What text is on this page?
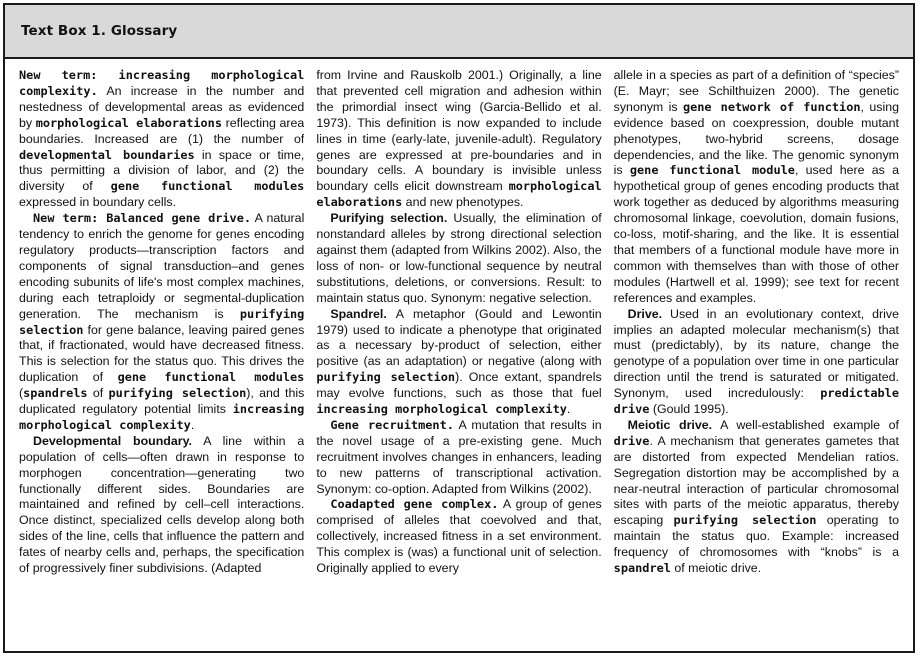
Text Box 1. Glossary

New term: increasing morphological complexity. An increase in the number and nestedness of developmental areas as evidenced by morphological elaborations reflecting area boundaries. Increased are (1) the number of developmental boundaries in space or time, thus permitting a division of labor, and (2) the diversity of gene functional modules expressed in boundary cells.

New term: Balanced gene drive. A natural tendency to enrich the genome for genes encoding regulatory products—transcription factors and components of signal transduction–and genes encoding subunits of life's most complex machines, during each tetraploidy or segmental-duplication generation. The mechanism is purifying selection for gene balance, leaving paired genes that, if fractionated, would have decreased fitness. This is selection for the status quo. This drives the duplication of gene functional modules (spandrels of purifying selection), and this duplicated regulatory potential limits increasing morphological complexity.

Developmental boundary. A line within a population of cells—often drawn in response to morphogen concentration—generating two functionally different sides. Boundaries are maintained and refined by cell–cell interactions. Once distinct, specialized cells develop along both sides of the line, cells that influence the pattern and fates of nearby cells and, perhaps, the specification of progressively finer subdivisions. (Adapted

from Irvine and Rauskolb 2001.) Originally, a line that prevented cell migration and adhesion within the primordial insect wing (Garcia-Bellido et al. 1973). This definition is now expanded to include lines in time (early-late, juvenile-adult). Regulatory genes are expressed at pre-boundaries and in boundary cells. A boundary is invisible unless boundary cells elicit downstream morphological elaborations and new phenotypes.

Purifying selection. Usually, the elimination of nonstandard alleles by strong directional selection against them (adapted from Wilkins 2002). Also, the loss of non- or low-functional sequence by neutral substitutions, deletions, or conversions. Result: to maintain status quo. Synonym: negative selection.

Spandrel. A metaphor (Gould and Lewontin 1979) used to indicate a phenotype that originated as a necessary by-product of selection, either positive (as an adaptation) or negative (along with purifying selection). Once extant, spandrels may evolve functions, such as those that fuel increasing morphological complexity.

Gene recruitment. A mutation that results in the novel usage of a pre-existing gene. Much recruitment involves changes in enhancers, leading to new patterns of transcriptional activation. Synonym: co-option. Adapted from Wilkins (2002).

Coadapted gene complex. A group of genes comprised of alleles that coevolved and that, collectively, increased fitness in a set environment. This complex is (was) a functional unit of selection. Originally applied to every

allele in a species as part of a definition of “species” (E. Mayr; see Schilthuizen 2000). The genetic synonym is gene network of function, using evidence based on coexpression, double mutant phenotypes, two-hybrid screens, dosage dependencies, and the like. The genomic synonym is gene functional module, used here as a hypothetical group of genes encoding products that work together as deduced by algorithms measuring chromosomal linkage, coevolution, domain fusions, co-loss, motif-sharing, and the like. It is essential that members of a functional module have more in common with themselves than with those of other modules (Hartwell et al. 1999); see text for recent references and examples.

Drive. Used in an evolutionary context, drive implies an adapted molecular mechanism(s) that must (predictably), by its nature, change the genotype of a population over time in one particular direction until the trend is saturated or mitigated. Synonym, used incredulously: predictable drive (Gould 1995).

Meiotic drive. A well-established example of drive. A mechanism that generates gametes that are distorted from expected Mendelian ratios. Segregation distortion may be accomplished by a near-neutral interaction of particular chromosomal sites with parts of the meiotic apparatus, thereby escaping purifying selection operating to maintain the status quo. Example: increased frequency of chromosomes with “knobs” is a spandrel of meiotic drive.
